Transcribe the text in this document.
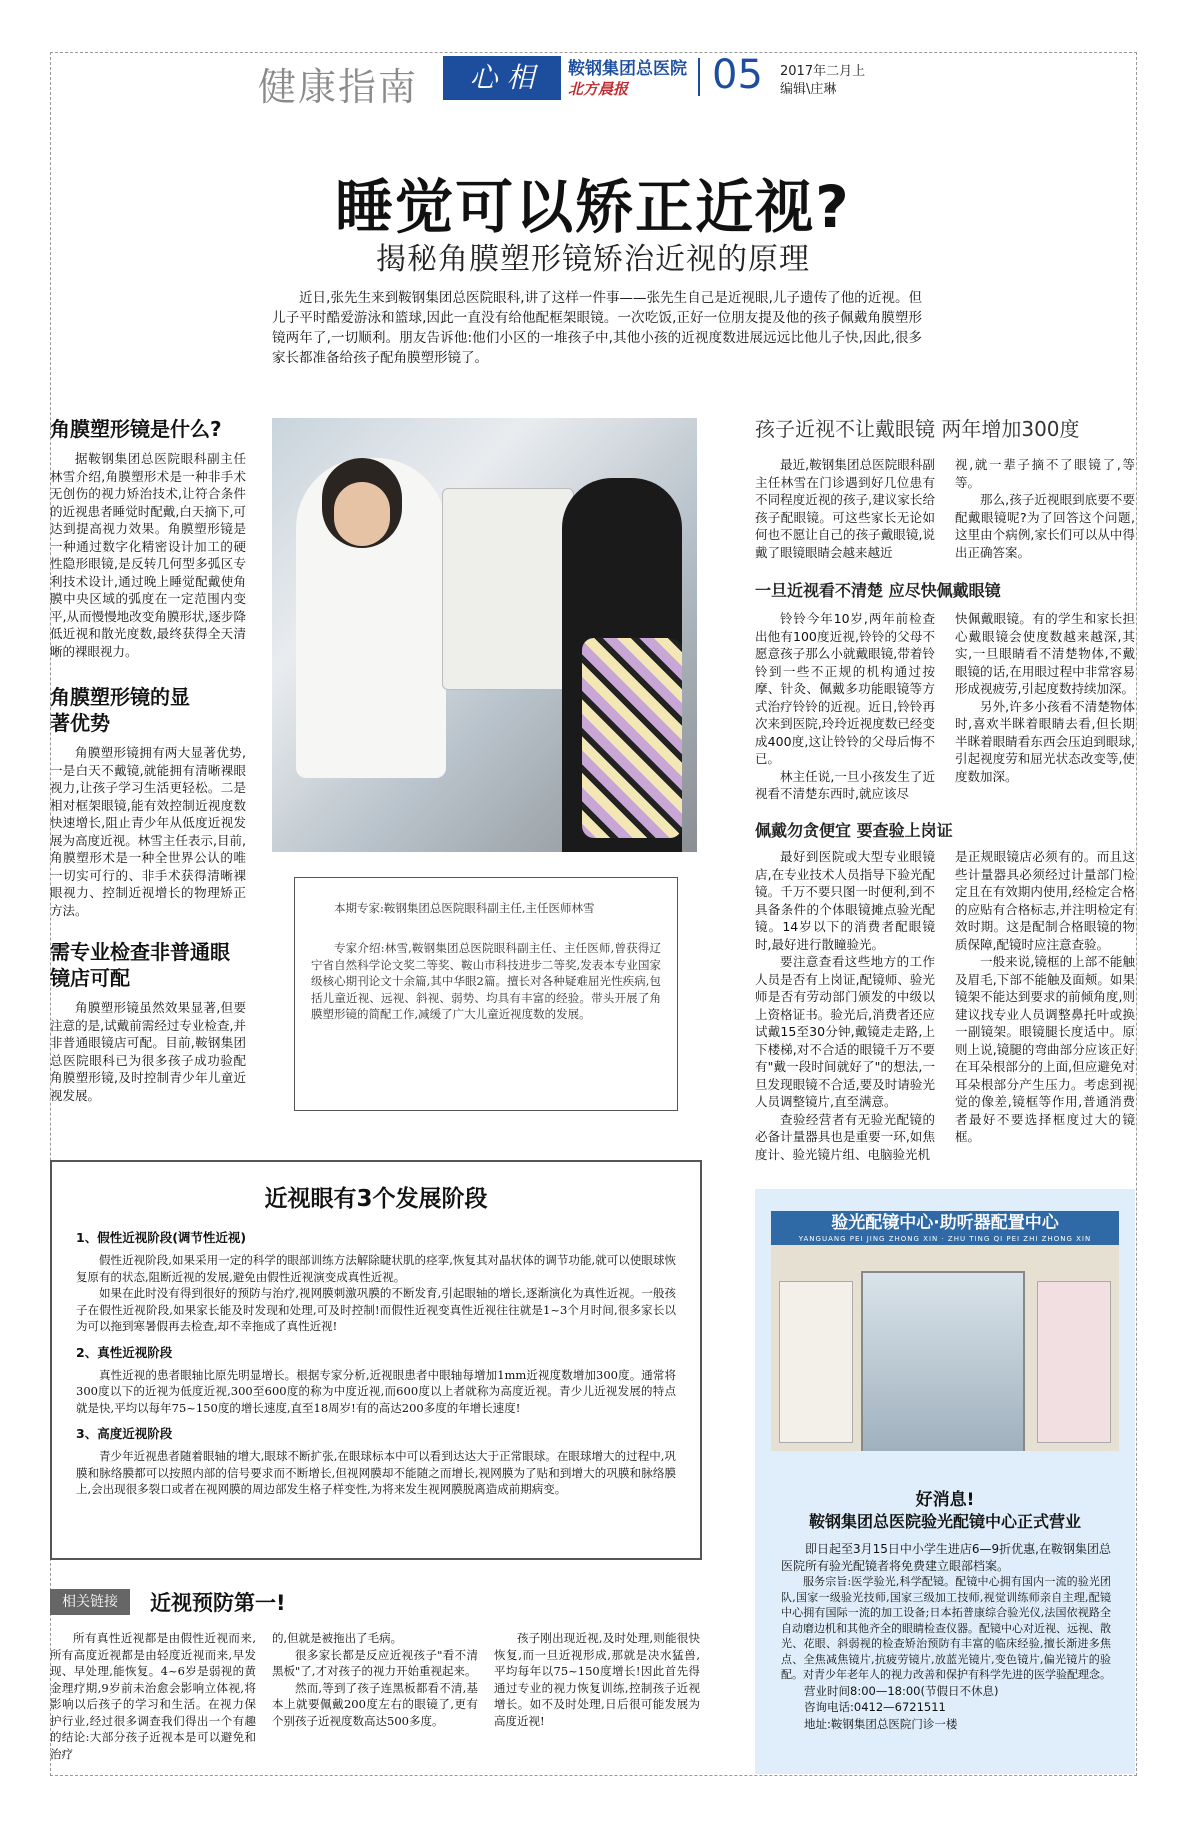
健康指南	心 相	鞍钢集团总医院
北方晨报 05 2017年二月上
编辑\庄琳
睡觉可以矫正近视?
揭秘角膜塑形镜矫治近视的原理

近日,张先生来到鞍钢集团总医院眼科,讲了这样一件事——张先生自己是近视眼,儿子遗传了他的近视。但儿子平时酷爱游泳和篮球,因此一直没有给他配框架眼镜。一次吃饭,正好一位朋友提及他的孩子佩戴角膜塑形镜两年了,一切顺利。朋友告诉他:他们小区的一堆孩子中,其他小孩的近视度数进展远远比他儿子快,因此,很多家长都准备给孩子配角膜塑形镜了。

角膜塑形镜是什么?

据鞍钢集团总医院眼科副主任林雪介绍,角膜塑形术是一种非手术无创伤的视力矫治技术,让符合条件的近视患者睡觉时配戴,白天摘下,可达到提高视力效果。角膜塑形镜是一种通过数字化精密设计加工的硬性隐形眼镜,是反转几何型多弧区专利技术设计,通过晚上睡觉配戴使角膜中央区域的弧度在一定范围内变平,从而慢慢地改变角膜形状,逐步降低近视和散光度数,最终获得全天清晰的裸眼视力。

角膜塑形镜的显著优势

角膜塑形镜拥有两大显著优势,一是白天不戴镜,就能拥有清晰裸眼视力,让孩子学习生活更轻松。二是相对框架眼镜,能有效控制近视度数快速增长,阻止青少年从低度近视发展为高度近视。林雪主任表示,目前,角膜塑形术是一种全世界公认的唯一切实可行的、非手术获得清晰裸眼视力、控制近视增长的物理矫正方法。

需专业检查非普通眼镜店可配

角膜塑形镜虽然效果显著,但要注意的是,试戴前需经过专业检查,并非普通眼镜店可配。目前,鞍钢集团总医院眼科已为很多孩子成功验配角膜塑形镜,及时控制青少年儿童近视发展。

本期专家:鞍钢集团总医院眼科副主任,主任医师林雪

专家介绍:林雪,鞍钢集团总医院眼科副主任、主任医师,曾获得辽宁省自然科学论文奖二等奖、鞍山市科技进步二等奖,发表本专业国家级核心期刊论文十余篇,其中华眼2篇。擅长对各种疑难屈光性疾病,包括儿童近视、远视、斜视、弱势、均具有丰富的经验。带头开展了角膜塑形镜的简配工作,减缓了广大儿童近视度数的发展。

孩子近视不让戴眼镜 两年增加300度

最近,鞍钢集团总医院眼科副主任林雪在门诊遇到好几位患有不同程度近视的孩子,建议家长给孩子配眼镜。可这些家长无论如何也不愿让自己的孩子戴眼镜,说戴了眼镜眼睛会越来越近

视,就一辈子摘不了眼镜了,等等。

那么,孩子近视眼到底要不要配戴眼镜呢?为了回答这个问题,这里由个病例,家长们可以从中得出正确答案。

一旦近视看不清楚 应尽快佩戴眼镜

铃铃今年10岁,两年前检查出他有100度近视,铃铃的父母不愿意孩子那么小就戴眼镜,带着铃铃到一些不正规的机构通过按摩、针灸、佩戴多功能眼镜等方式治疗铃铃的近视。近日,铃铃再次来到医院,玲玲近视度数已经变成400度,这让铃铃的父母后悔不已。

林主任说,一旦小孩发生了近视看不清楚东西时,就应该尽

快佩戴眼镜。有的学生和家长担心戴眼镜会使度数越来越深,其实,一旦眼睛看不清楚物体,不戴眼镜的话,在用眼过程中非常容易形成视疲劳,引起度数持续加深。

另外,许多小孩看不清楚物体时,喜欢半眯着眼睛去看,但长期半眯着眼睛看东西会压迫到眼球,引起视度劳和屈光状态改变等,使度数加深。

佩戴勿贪便宜 要查验上岗证

最好到医院或大型专业眼镜店,在专业技术人员指导下验光配镜。千万不要只图一时便利,到不具备条件的个体眼镜摊点验光配镜。14岁以下的消费者配眼镜时,最好进行散瞳验光。

要注意查看这些地方的工作人员是否有上岗证,配镜师、验光师是否有劳动部门颁发的中级以上资格证书。验光后,消费者还应试戴15至30分钟,戴镜走走路,上下楼梯,对不合适的眼镜千万不要有"戴一段时间就好了"的想法,一旦发现眼镜不合适,要及时请验光人员调整镜片,直至满意。

查验经营者有无验光配镜的必备计量器具也是重要一环,如焦度计、验光镜片组、电脑验光机

是正规眼镜店必须有的。而且这些计量器具必须经过计量部门检定且在有效期内使用,经检定合格的应贴有合格标志,并注明检定有效时期。这是配制合格眼镜的物质保障,配镜时应注意查验。

一般来说,镜框的上部不能触及眉毛,下部不能触及面颊。如果镜架不能达到要求的前倾角度,则建议找专业人员调整鼻托叶或换一副镜架。眼镜腿长度适中。原则上说,镜腿的弯曲部分应该正好在耳朵根部分的上面,但应避免对耳朵根部分产生压力。考虑到视觉的像差,镜框等作用,普通消费者最好不要选择框度过大的镜框。

近视眼有3个发展阶段
1、假性近视阶段(调节性近视)

假性近视阶段,如果采用一定的科学的眼部训练方法解除睫状肌的痉挛,恢复其对晶状体的调节功能,就可以使眼球恢复原有的状态,阻断近视的发展,避免由假性近视演变成真性近视。

如果在此时没有得到很好的预防与治疗,视网膜刺激巩膜的不断发育,引起眼轴的增长,逐渐演化为真性近视。一般孩子在假性近视阶段,如果家长能及时发现和处理,可及时控制!而假性近视变真性近视往往就是1~3个月时间,很多家长以为可以拖到寒暑假再去检查,却不幸拖成了真性近视!

2、真性近视阶段

真性近视的患者眼轴比原先明显增长。根据专家分析,近视眼患者中眼轴每增加1mm近视度数增加300度。通常将300度以下的近视为低度近视,300至600度的称为中度近视,而600度以上者就称为高度近视。青少儿近视发展的特点就是快,平均以每年75~150度的增长速度,直至18周岁!有的高达200多度的年增长速度!

3、高度近视阶段

青少年近视患者随着眼轴的增大,眼球不断扩张,在眼球标本中可以看到达达大于正常眼球。在眼球增大的过程中,巩膜和脉络膜都可以按照内部的信号要求而不断增长,但视网膜却不能随之而增长,视网膜为了贴和到增大的巩膜和脉络膜上,会出现很多裂口或者在视网膜的周边部发生格子样变性,为将来发生视网膜脱离造成前期病变。

相关链接	近视预防第一!

所有真性近视都是由假性近视而来,所有高度近视都是由轻度近视而来,早发现、早处理,能恢复。4~6岁是弱视的黄金理疗期,9岁前未治愈会影响立体视,将影响以后孩子的学习和生活。在视力保护行业,经过很多调查我们得出一个有趣的结论:大部分孩子近视本是可以避免和治疗

的,但就是被拖出了毛病。

很多家长都是反应近视孩子"看不清黑板"了,才对孩子的视力开始重视起来。

然而,等到了孩子连黑板都看不清,基本上就要佩戴200度左右的眼镜了,更有个别孩子近视度数高达500多度。

孩子刚出现近视,及时处理,则能很快恢复,而一旦近视形成,那就是决水猛兽,平均每年以75~150度增长!因此首先得通过专业的视力恢复训练,控制孩子近视增长。如不及时处理,日后很可能发展为高度近视!

验光配镜中心·助听器配置中心
YANGUANG PEI JING ZHONG XIN · ZHU TING QI PEI ZHI ZHONG XIN
好消息!
鞍钢集团总医院验光配镜中心正式营业

即日起至3月15日中小学生进店6—9折优惠,在鞍钢集团总医院所有验光配镜者将免费建立眼部档案。

服务宗旨:医学验光,科学配镜。配镜中心拥有国内一流的验光团队,国家一级验光技师,国家三级加工技师,视觉训练师亲自主理,配镜中心拥有国际一流的加工设备;日本拓普康综合验光仪,法国依视路全自动磨边机和其他齐全的眼睛检查仪器。配镜中心对近视、远视、散光、花眼、斜弱视的检查矫治预防有丰富的临床经验,擅长渐进多焦点、全焦减焦镜片,抗疲劳镜片,放蓝光镜片,变色镜片,偏光镜片的验配。对青少年老年人的视力改善和保护有科学先进的医学验配理念。

营业时间8:00—18:00(节假日不休息)

咨询电话:0412—6721511

地址:鞍钢集团总医院门诊一楼
